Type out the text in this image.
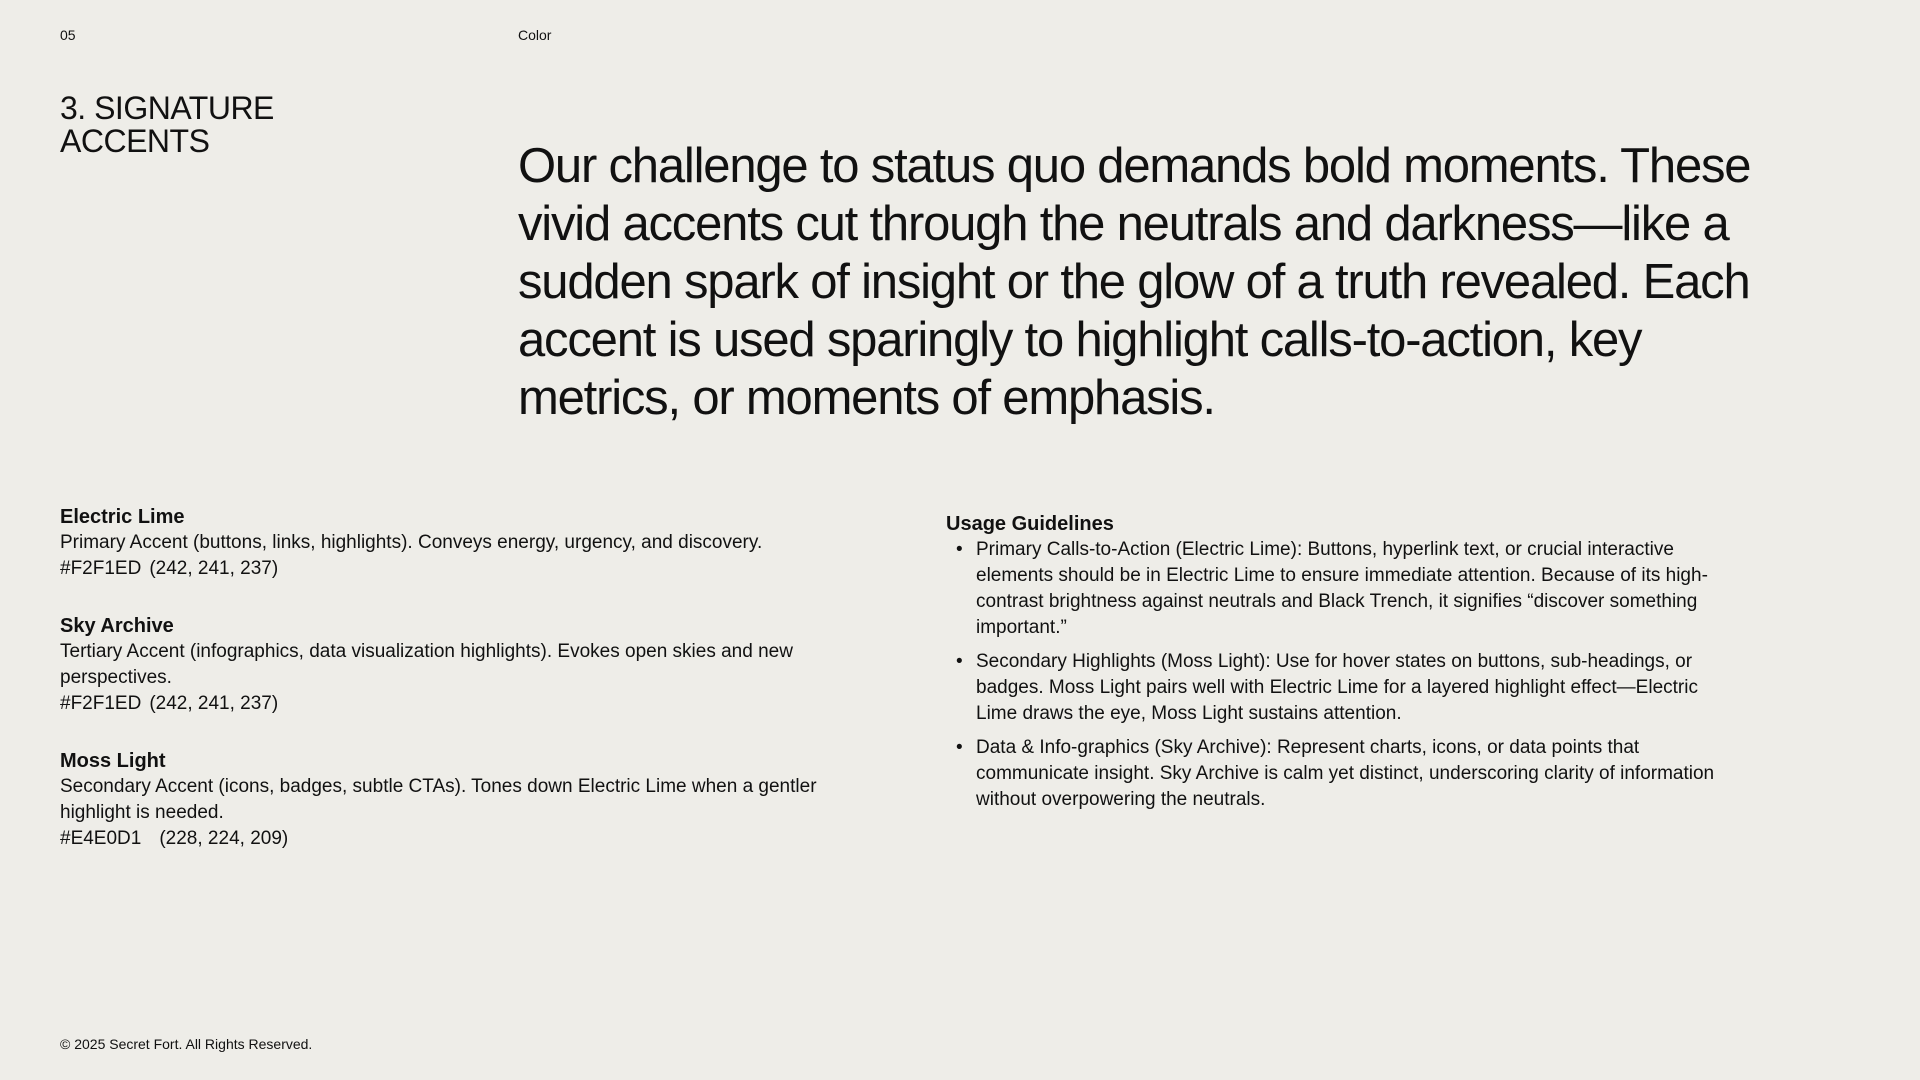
05	Color
3. SIGNATURE ACCENTS	Our challenge to status quo demands bold moments. These vivid accents cut through the neutrals and darkness—like a sudden spark of insight or the glow of a truth revealed. Each accent is used sparingly to highlight calls-to-action, key metrics, or moments of emphasis.

Electric Lime
Primary Accent (buttons, links, highlights). Conveys energy, urgency, and discovery.
#F2F1ED (242, 241, 237)
Sky Archive
Tertiary Accent (infographics, data visualization highlights). Evokes open skies and new perspectives.
#F2F1ED (242, 241, 237)
Moss Light
Secondary Accent (icons, badges, subtle CTAs). Tones down Electric Lime when a gentler highlight is needed.
#E4E0D1 (228, 224, 209)
Usage Guidelines
• Primary Calls-to-Action (Electric Lime): Buttons, hyperlink text, or crucial interactive elements should be in Electric Lime to ensure immediate attention. Because of its high-contrast brightness against neutrals and Black Trench, it signifies “discover something important.”
• Secondary Highlights (Moss Light): Use for hover states on buttons, sub-headings, or badges. Moss Light pairs well with Electric Lime for a layered highlight effect—Electric Lime draws the eye, Moss Light sustains attention.
• Data & Info-graphics (Sky Archive): Represent charts, icons, or data points that communicate insight. Sky Archive is calm yet distinct, underscoring clarity of information without overpowering the neutrals.
© 2025 Secret Fort. All Rights Reserved.
